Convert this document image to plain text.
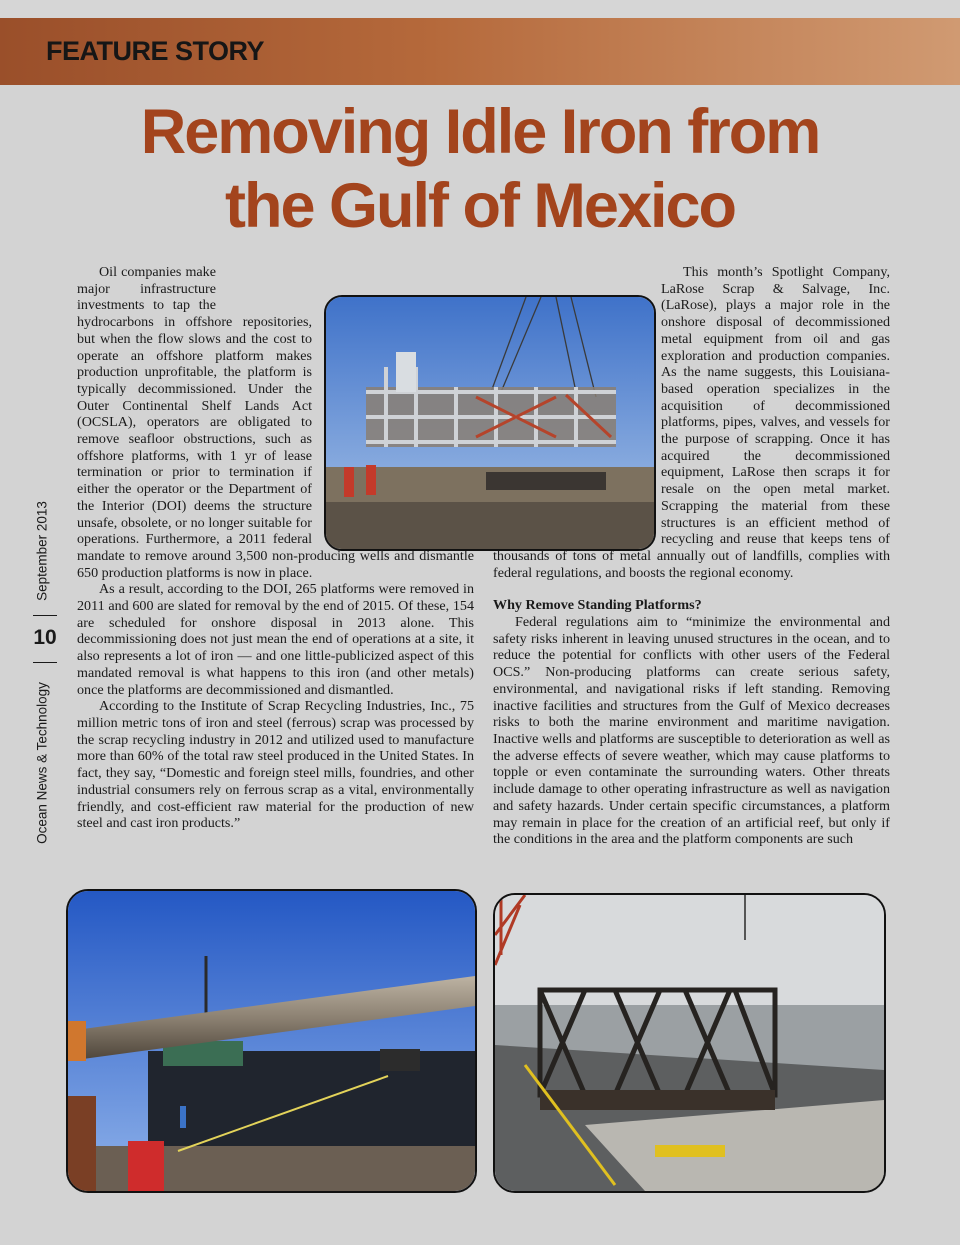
FEATURE STORY
Removing Idle Iron from
the Gulf of Mexico
September 2013
10
Ocean News & Technology

Oil companies make major infrastructure investments to tap the hydrocarbons in offshore repositories, but when the flow slows and the cost to operate an offshore platform makes production unprofitable, the platform is typically decommissioned. Under the Outer Continental Shelf Lands Act (OCSLA), operators are obligated to remove seafloor obstructions, such as offshore platforms, with 1 yr of lease termination or prior to termination if either the operator or the Department of the Interior (DOI) deems the structure unsafe, obsolete, or no longer suitable for operations. Furthermore, a 2011 federal mandate to remove around 3,500 non-producing wells and dismantle 650 production platforms is now in place.

As a result, according to the DOI, 265 platforms were removed in 2011 and 600 are slated for removal by the end of 2015. Of these, 154 are scheduled for onshore disposal in 2013 alone. This decommissioning does not just mean the end of operations at a site, it also represents a lot of iron — and one little-publicized aspect of this mandated removal is what happens to this iron (and other metals) once the platforms are decommissioned and dismantled.

According to the Institute of Scrap Recycling Industries, Inc., 75 million metric tons of iron and steel (ferrous) scrap was processed by the scrap recycling industry in 2012 and utilized used to manufacture more than 60% of the total raw steel produced in the United States. In fact, they say, “Domestic and foreign steel mills, foundries, and other industrial consumers rely on ferrous scrap as a vital, environmentally friendly, and cost-efficient raw material for the production of new steel and cast iron products.”

This month’s Spotlight Company, LaRose Scrap & Salvage, Inc. (LaRose), plays a major role in the onshore disposal of decommissioned metal equipment from oil and gas exploration and production companies. As the name suggests, this Louisiana-based operation specializes in the acquisition of decommissioned platforms, pipes, valves, and vessels for the purpose of scrapping. Once it has acquired the decommissioned equipment, LaRose then scraps it for resale on the open metal market. Scrapping the material from these structures is an efficient method of recycling and reuse that keeps tens of thousands of tons of metal annually out of landfills, complies with federal regulations, and boosts the regional economy.

Why Remove Standing Platforms?

Federal regulations aim to “minimize the environmental and safety risks inherent in leaving unused structures in the ocean, and to reduce the potential for conflicts with other users of the Federal OCS.” Non-producing platforms can create serious safety, environmental, and navigational risks if left standing. Removing inactive facilities and structures from the Gulf of Mexico decreases risks to both the marine environment and maritime navigation. Inactive wells and platforms are susceptible to deterioration as well as the adverse effects of severe weather, which may cause platforms to topple or even contaminate the surrounding waters. Other threats include damage to other operating infrastructure as well as navigation and safety hazards. Under certain specific circumstances, a platform may remain in place for the creation of an artificial reef, but only if the conditions in the area and the platform components are such
